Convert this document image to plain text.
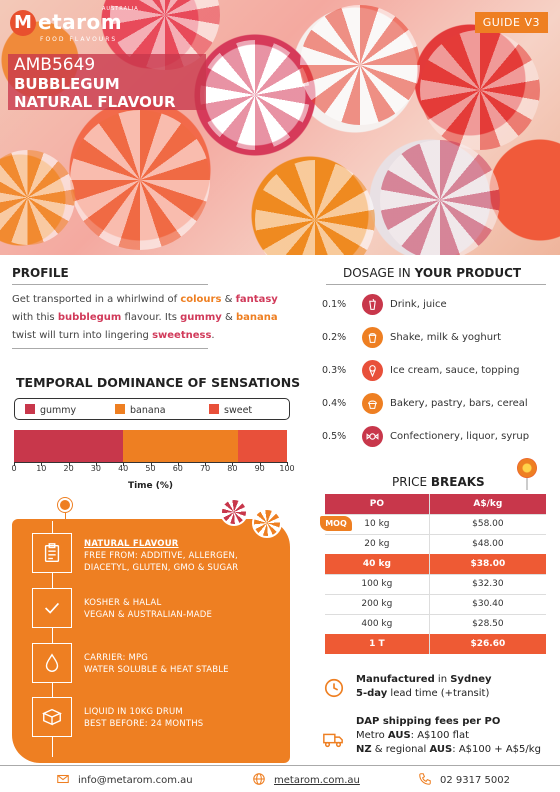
M etarom
AUSTRALIA
FOOD FLAVOURS
GUIDE V3
AMB5649
BUBBLEGUM
NATURAL FLAVOUR
PROFILE
Get transported in a whirlwind of colours & fantasy with this bubblegum flavour. Its gummy & banana twist will turn into lingering sweetness.
TEMPORAL DOMINANCE OF SENSATIONS
gummy	banana	sweet
0	10	20	30	40	50	60	70	80	90	100
Time (%)
NATURAL FLAVOUR
FREE FROM: ADDITIVE, ALLERGEN,
DIACETYL, GLUTEN, GMO & SUGAR
KOSHER & HALAL
VEGAN & AUSTRALIAN-MADE
CARRIER: MPG
WATER SOLUBLE & HEAT STABLE
LIQUID IN 10KG DRUM
BEST BEFORE: 24 MONTHS
DOSAGE IN YOUR PRODUCT
0.1%	Drink, juice
0.2%	Shake, milk & yoghurt
0.3%	Ice cream, sauce, topping
0.4%	Bakery, pastry, bars, cereal
0.5%	Confectionery, liquor, syrup
PRICE BREAKS
PO	A$/kg
10 kg	$58.00
20 kg	$48.00
40 kg	$38.00
100 kg	$32.30
200 kg	$30.40
400 kg	$28.50
1 T	$26.60
MOQ
Manufactured in Sydney
5-day lead time (+transit)
DAP shipping fees per PO
Metro AUS: A$100 flat
NZ & regional AUS: A$100 + A$5/kg
info@metarom.com.au	metarom.com.au	02 9317 5002
